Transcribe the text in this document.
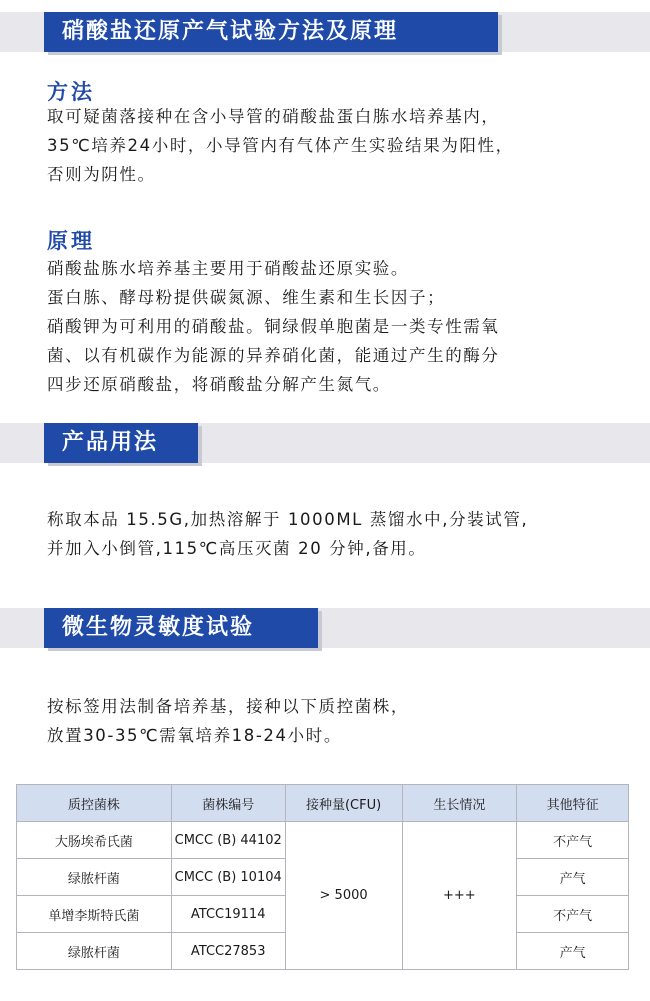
硝酸盐还原产气试验方法及原理
方法
取可疑菌落接种在含小导管的硝酸盐蛋白胨水培养基内，
35℃培养24小时，小导管内有气体产生实验结果为阳性，
否则为阴性。
原理
硝酸盐胨水培养基主要用于硝酸盐还原实验。
蛋白胨、酵母粉提供碳氮源、维生素和生长因子；
硝酸钾为可利用的硝酸盐。铜绿假单胞菌是一类专性需氧
菌、以有机碳作为能源的异养硝化菌，能通过产生的酶分
四步还原硝酸盐，将硝酸盐分解产生氮气。
产品用法
称取本品 15.5G,加热溶解于 1000ML 蒸馏水中,分装试管,
并加入小倒管,115℃高压灭菌 20 分钟,备用。
微生物灵敏度试验
按标签用法制备培养基，接种以下质控菌株，
放置30-35℃需氧培养18-24小时。
质控菌株	菌株编号	接种量(CFU)	生长情况	其他特征
大肠埃希氏菌	CMCC (B) 44102	> 5000	+++	不产气
绿脓杆菌	CMCC (B) 10104			产气
单增李斯特氏菌	ATCC19114			不产气
绿脓杆菌	ATCC27853			产气
